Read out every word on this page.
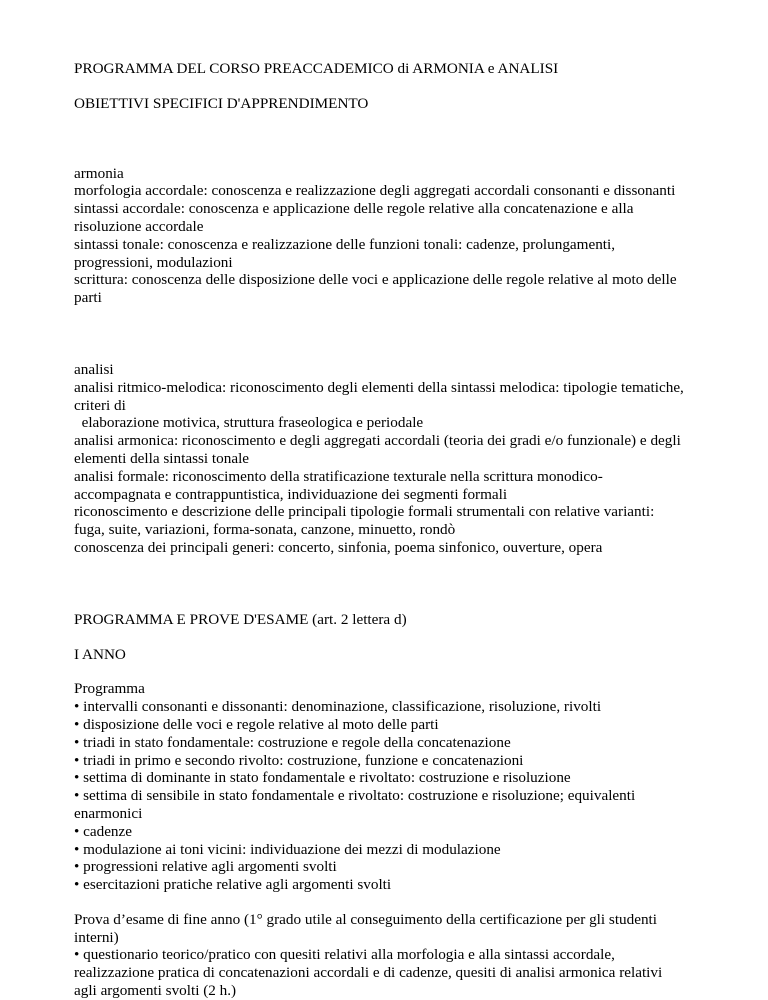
PROGRAMMA DEL CORSO PREACCADEMICO di ARMONIA e ANALISI
OBIETTIVI SPECIFICI D'APPRENDIMENTO
armonia
morfologia accordale: conoscenza e realizzazione degli aggregati accordali consonanti e dissonanti
sintassi accordale: conoscenza e applicazione delle regole relative alla concatenazione e alla
risoluzione accordale
sintassi tonale: conoscenza e realizzazione delle funzioni tonali: cadenze, prolungamenti,
progressioni, modulazioni
scrittura: conoscenza delle disposizione delle voci e applicazione delle regole relative al moto delle
parti
analisi
analisi ritmico-melodica: riconoscimento degli elementi della sintassi melodica: tipologie tematiche,
criteri di
elaborazione motivica, struttura fraseologica e periodale
analisi armonica: riconoscimento e degli aggregati accordali (teoria dei gradi e/o funzionale) e degli
elementi della sintassi tonale
analisi formale: riconoscimento della stratificazione texturale nella scrittura monodico-
accompagnata e contrappuntistica, individuazione dei segmenti formali
riconoscimento e descrizione delle principali tipologie formali strumentali con relative varianti:
fuga, suite, variazioni, forma-sonata, canzone, minuetto, rondò
conoscenza dei principali generi: concerto, sinfonia, poema sinfonico, ouverture, opera
PROGRAMMA E PROVE D'ESAME (art. 2 lettera d)
I ANNO
Programma
• intervalli consonanti e dissonanti: denominazione, classificazione, risoluzione, rivolti
• disposizione delle voci e regole relative al moto delle parti
• triadi in stato fondamentale: costruzione e regole della concatenazione
• triadi in primo e secondo rivolto: costruzione, funzione e concatenazioni
• settima di dominante in stato fondamentale e rivoltato: costruzione e risoluzione
• settima di sensibile in stato fondamentale e rivoltato: costruzione e risoluzione; equivalenti
enarmonici
• cadenze
• modulazione ai toni vicini: individuazione dei mezzi di modulazione
• progressioni relative agli argomenti svolti
• esercitazioni pratiche relative agli argomenti svolti
Prova d’esame di fine anno (1° grado utile al conseguimento della certificazione per gli studenti
interni)
• questionario teorico/pratico con quesiti relativi alla morfologia e alla sintassi accordale,
realizzazione pratica di concatenazioni accordali e di cadenze, quesiti di analisi armonica relativi
agli argomenti svolti (2 h.)
